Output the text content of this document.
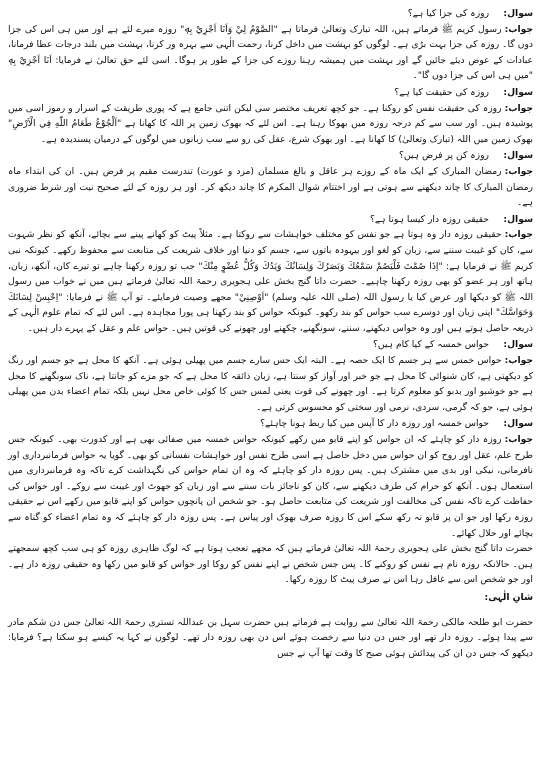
سوال:روزہ کی جزا کیا ہے؟

جواب:رسول کریم ﷺ فرماتے ہیں، اللہ تبارک وتعالیٰ فرماتا ہے "الصَّوْمُ لِيْ وَاَنَا اَجْزِيْ بِهٖ" روزہ میرے لئے ہے اور میں ہی اس کی جزا دوں گا۔ روزہ کی جزا بہت بڑی ہے۔ لوگوں کو بہشت میں داخل کرنا، رحمت الٰہی سے بہرہ ور کرنا، بہشت میں بلند درجات عطا فرمانا، عبادات کے عوض دیئے جائیں گے اور بہشت میں ہمیشہ رہنا روزے کی جزا کے طور پر ہوگا۔ اسی لئے حق تعالیٰ نے فرمایا: اَنَا اَجْزِيْ بِهٖ "میں ہی اس کی جزا دوں گا"۔

سوال:روزہ کی حقیقت کیا ہے؟

جواب:روزہ کی حقیقت نفس کو روکنا ہے۔ جو کچھ تعریف مختصر سی لیکن اتنی جامع ہے کہ پوری طریقت کے اسرار و رموز اسی میں پوشیدہ ہیں۔ اور سب سے کم درجہ روزہ میں بھوکا رہنا ہے۔ اس لئے کہ بھوک زمین پر اللہ کا کھانا ہے "اَلْجُوْعُ طَعَامُ اللّٰهِ فِي الْاَرْضِ" بھوک زمین میں اللہ (تبارک وتعالیٰ) کا کھانا ہے۔ اور بھوک شرع، عقل کی رو سے سب زبانوں میں لوگوں کے درمیان پسندیدہ ہے۔

سوال:روزہ کن پر فرض ہیں؟

جواب:رمضان المبارک کے ایک ماہ کے روزے ہر عاقل و بالغ مسلمان (مرد و عورت) تندرست مقیم پر فرض ہیں۔ ان کی ابتداء ماہ رمضان المبارک کا چاند دیکھنے سے ہوتی ہے اور اختتام شوال المکرم کا چاند دیکھ کر۔ اور ہر روزہ کے لئے صحیح نیت اور شرط ضروری ہے۔

سوال:حقیقی روزہ دار کیسا ہوتا ہے؟

جواب:حقیقی روزہ دار وہ ہوتا ہے جو نفس کو مختلف خواہشات سے روکتا ہے۔ مثلاً پیٹ کو کھانے پینے سے بچائے، آنکھ کو نظر شہوت سے، کان کو غیبت سننے سے، زبان کو لغو اور بیہودہ باتوں سے، جسم کو دنیا اور خلاف شریعت کی متابعت سے محفوظ رکھے۔ کیونکہ نبی کریم ﷺ نے فرمایا ہے: "اِذَا صُمْتَ فَلْيَصُمْ سَمْعُكَ وَبَصَرُكَ وَلِسَانُكَ وَيَدُكَ وَكُلُّ عُضْوٍ مِنْكَ" جب تو روزہ رکھنا چاہے تو تیرے کان، آنکھ، زبان، ہاتھ اور ہر عضو کو بھی روزہ رکھنا چاہیے۔ حضرت داتا گنج بخش علی ہجویری رحمۃ اللہ تعالیٰ فرماتے ہیں میں نے خواب میں رسول اللہ ﷺ کو دیکھا اور عرض کیا یا رسول اللہ (صلی اللہ علیہ وسلم) "اَوْصِنِيْ" مجھے وصیت فرمایئے۔ تو آپ ﷺ نے فرمایا: "اِحْبِسْ لِسَانَكَ وَحَوَاسَّكَ" اپنی زبان اور دوسرے سب حواس کو بند رکھو۔ کیونکہ حواس کو بند رکھنا ہی پورا مجاہدہ ہے۔ اس لئے کہ تمام علوم الٰہی کے ذریعہ حاصل ہوتے ہیں اور وہ حواس دیکھنے، سننے، سونگھنے، چکھنے اور چھونے کی قوتیں ہیں۔ حواس علم و عقل کے پہرے دار ہیں۔

سوال:حواس خمسہ کے کیا کام ہیں؟

جواب:حواس خمس سے ہر جسم کا ایک حصہ ہے۔ البتہ ایک حس سارے جسم میں پھیلی ہوئی ہے۔ آنکھ کا محل ہے جو جسم اور رنگ کو دیکھتی ہے، کان شنوائی کا محل ہے جو خبر اور آواز کو سنتا ہے، زبان ذائقہ کا محل ہے کہ جو مزے کو جانتا ہے، ناک سونگھنے کا محل ہے جو خوشبو اور بدبو کو معلوم کرتا ہے۔ اور چھونے کی قوت یعنی لمس جس کا کوئی خاص محل نہیں بلکہ تمام اعضاء بدن میں پھیلی ہوئی ہے، جو کہ گرمی، سردی، نرمی اور سختی کو محسوس کرتی ہے۔

سوال:حواس خمسہ اور روزہ دار کا آپس میں کیا ربط ہونا چاہئے؟

جواب:روزہ دار کو چاہئے کہ ان حواس کو اپنے قابو میں رکھے کیونکہ حواس خمسہ میں صفائی بھی ہے اور کدورت بھی۔ کیونکہ جس طرح علم، عقل اور روح کو ان حواس میں دخل حاصل ہے اسی طرح نفس اور خواہشات نفسانی کو بھی۔ گویا یہ حواس فرمانبرداری اور نافرمانی، نیکی اور بدی میں مشترک ہیں۔ پس روزہ دار کو چاہئے کہ وہ ان تمام حواس کی نگہداشت کرے تاکہ وہ فرمانبرداری میں استعمال ہوں۔ آنکھ کو حرام کی طرف دیکھنے سے، کان کو ناجائز بات سننے سے اور زبان کو جھوٹ اور غیبت سے روکے۔ اور حواس کی حفاظت کرے تاکہ نفس کی مخالفت اور شریعت کی متابعت حاصل ہو۔ جو شخص ان پانچوں حواس کو اپنے قابو میں رکھے اس نے حقیقی روزہ رکھا اور جو ان پر قابو نہ رکھ سکے اس کا روزہ صرف بھوک اور پیاس ہے۔ پس روزہ دار کو چاہئے کہ وہ تمام اعضاء کو گناہ سے بچائے اور حلال کھائے۔

حضرت داتا گنج بخش علی ہجویری رحمۃ اللہ تعالیٰ فرماتے ہیں کہ مجھے تعجب ہوتا ہے کہ لوگ ظاہری روزہ کو ہی سب کچھ سمجھتے ہیں۔ حالانکہ روزہ نام ہے نفس کو روکنے کا۔ پس جس شخص نے اپنے نفس کو روکا اور حواس کو قابو میں رکھا وہ حقیقی روزہ دار ہے۔ اور جو شخص اس سے غافل رہا اس نے صرف پیٹ کا روزہ رکھا۔

شانِ الٰہی:

حضرت ابو طلحہ مالکی رحمۃ اللہ تعالیٰ سے روایت ہے فرماتے ہیں حضرت سہل بن عبداللہ تستری رحمۃ اللہ تعالیٰ جس دن شکم مادر سے پیدا ہوئے۔ روزہ دار تھے اور جس دن دنیا سے رخصت ہوئے اس دن بھی روزہ دار تھے۔ لوگوں نے کہا یہ کیسے ہو سکتا ہے؟ فرمایا: دیکھو کہ جس دن ان کی پیدائش ہوئی صبح کا وقت تھا آپ نے جس
